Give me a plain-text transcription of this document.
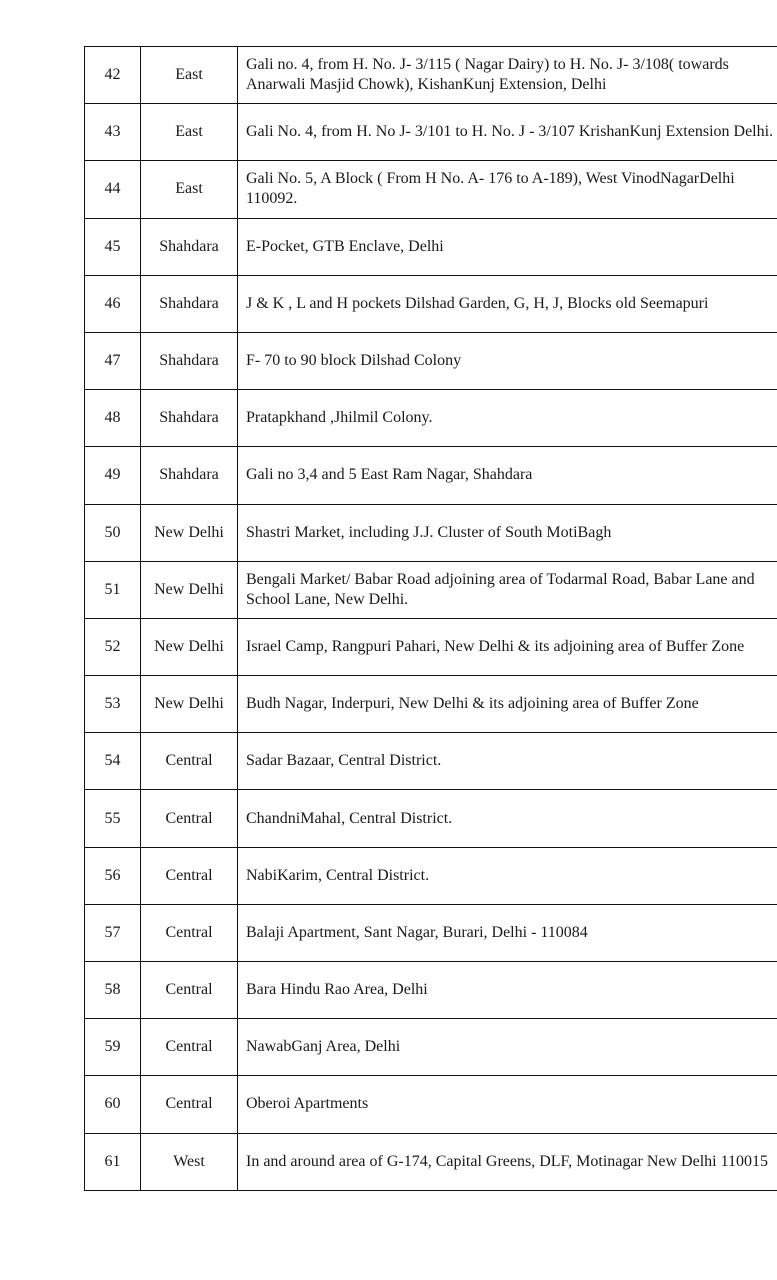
42	East	Gali no. 4, from H. No. J- 3/115 ( Nagar Dairy) to H. No. J- 3/108( towards Anarwali Masjid Chowk), KishanKunj Extension, Delhi
43	East	Gali No. 4, from H. No J- 3/101 to H. No. J - 3/107 KrishanKunj Extension Delhi.
44	East	Gali No. 5, A Block ( From H No. A- 176 to A-189), West VinodNagarDelhi 110092.
45	Shahdara	E-Pocket, GTB Enclave, Delhi
46	Shahdara	J & K , L and H pockets Dilshad Garden, G, H, J, Blocks old Seemapuri
47	Shahdara	F- 70 to 90 block Dilshad Colony
48	Shahdara	Pratapkhand ,Jhilmil Colony.
49	Shahdara	Gali no 3,4 and 5 East Ram Nagar, Shahdara
50	New Delhi	Shastri Market, including J.J. Cluster of South MotiBagh
51	New Delhi	Bengali Market/ Babar Road adjoining area of Todarmal Road, Babar Lane and School Lane, New Delhi.
52	New Delhi	Israel Camp, Rangpuri Pahari, New Delhi & its adjoining area of Buffer Zone
53	New Delhi	Budh Nagar, Inderpuri, New Delhi & its adjoining area of Buffer Zone
54	Central	Sadar Bazaar, Central District.
55	Central	ChandniMahal, Central District.
56	Central	NabiKarim, Central District.
57	Central	Balaji Apartment, Sant Nagar, Burari, Delhi - 110084
58	Central	Bara Hindu Rao Area, Delhi
59	Central	NawabGanj Area, Delhi
60	Central	Oberoi Apartments
61	West	In and around area of G-174, Capital Greens, DLF, Motinagar New Delhi 110015
